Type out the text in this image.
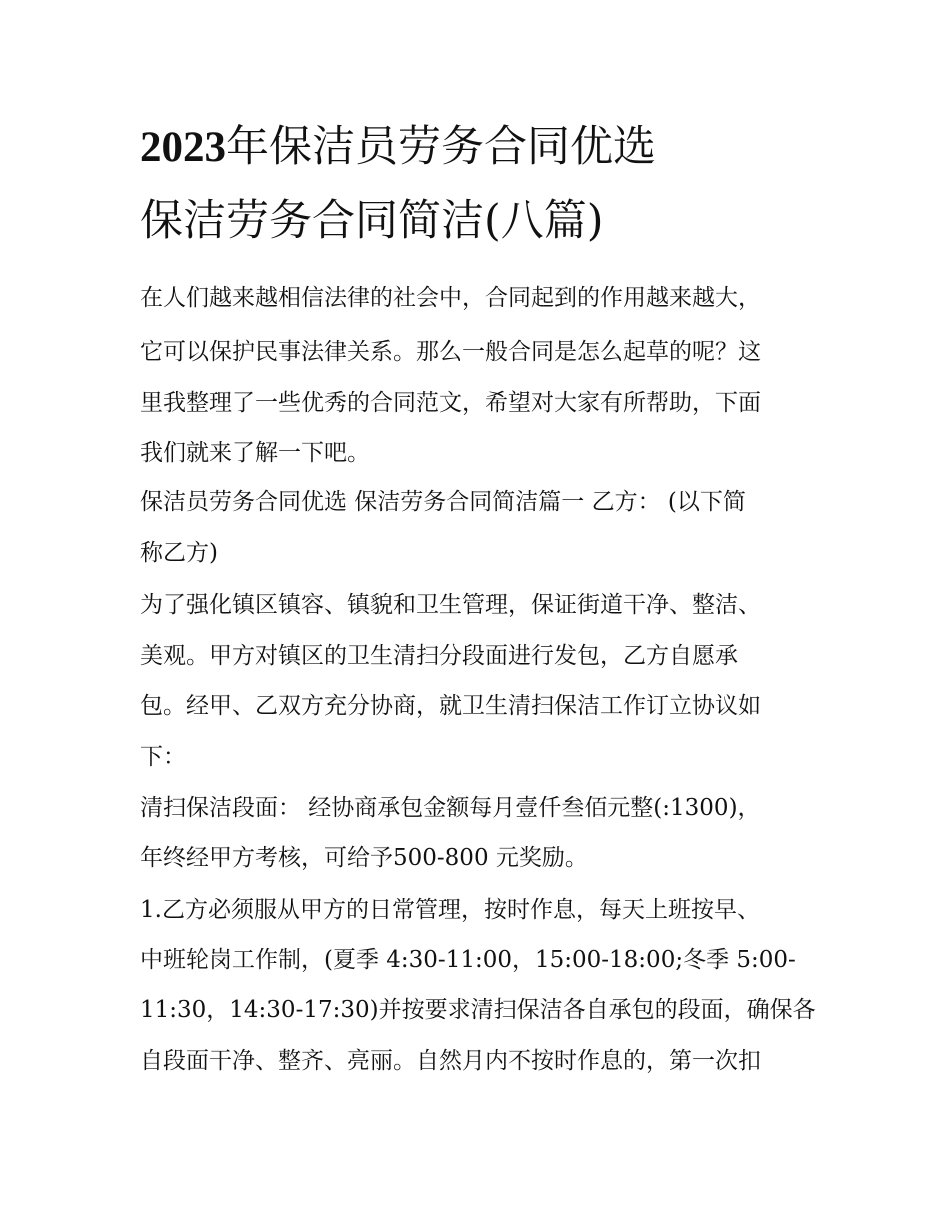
2023年保洁员劳务合同优选
保洁劳务合同简洁(八篇)

在人们越来越相信法律的社会中，合同起到的作用越来越大，

它可以保护民事法律关系。那么一般合同是怎么起草的呢？这

里我整理了一些优秀的合同范文，希望对大家有所帮助，下面

我们就来了解一下吧。

保洁员劳务合同优选 保洁劳务合同简洁篇一 乙方： (以下简

称乙方)

为了强化镇区镇容、镇貌和卫生管理，保证街道干净、整洁、

美观。甲方对镇区的卫生清扫分段面进行发包，乙方自愿承

包。经甲、乙双方充分协商，就卫生清扫保洁工作订立协议如

下：

清扫保洁段面： 经协商承包金额每月壹仟叁佰元整(:1300)，

年终经甲方考核，可给予500-800 元奖励。

1.乙方必须服从甲方的日常管理，按时作息，每天上班按早、

中班轮岗工作制，(夏季 4:30-11:00，15:00-18:00;冬季 5:00-

11:30，14:30-17:30)并按要求清扫保洁各自承包的段面，确保各

自段面干净、整齐、亮丽。自然月内不按时作息的，第一次扣
